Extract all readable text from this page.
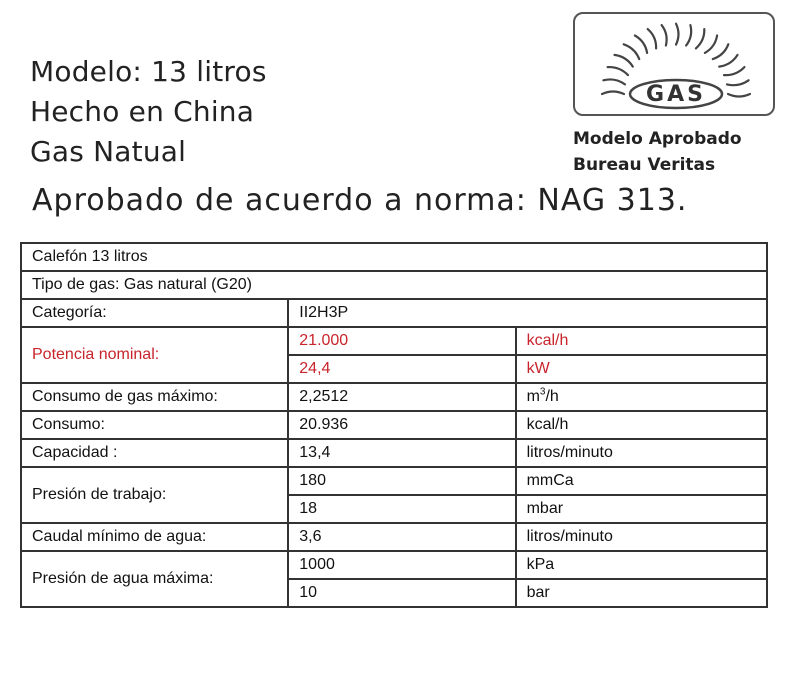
Modelo: 13 litros
Hecho en China
Gas Natual
Aprobado de acuerdo a norma: NAG 313.
GAS
Modelo Aprobado
Bureau Veritas
Calefón 13 litros		
Tipo de gas: Gas natural (G20)		
Categoría:	II2H3P	
Potencia nominal:	21.000	kcal/h
	24,4	kW
Consumo de gas máximo:	2,2512	$m^3/h$
Consumo:	20.936	kcal/h
Capacidad :	13,4	litros/minuto
Presión de trabajo:	180	mmCa
	18	mbar
Caudal mínimo de agua:	3,6	litros/minuto
Presión de agua máxima:	1000	kPa
	10	bar
